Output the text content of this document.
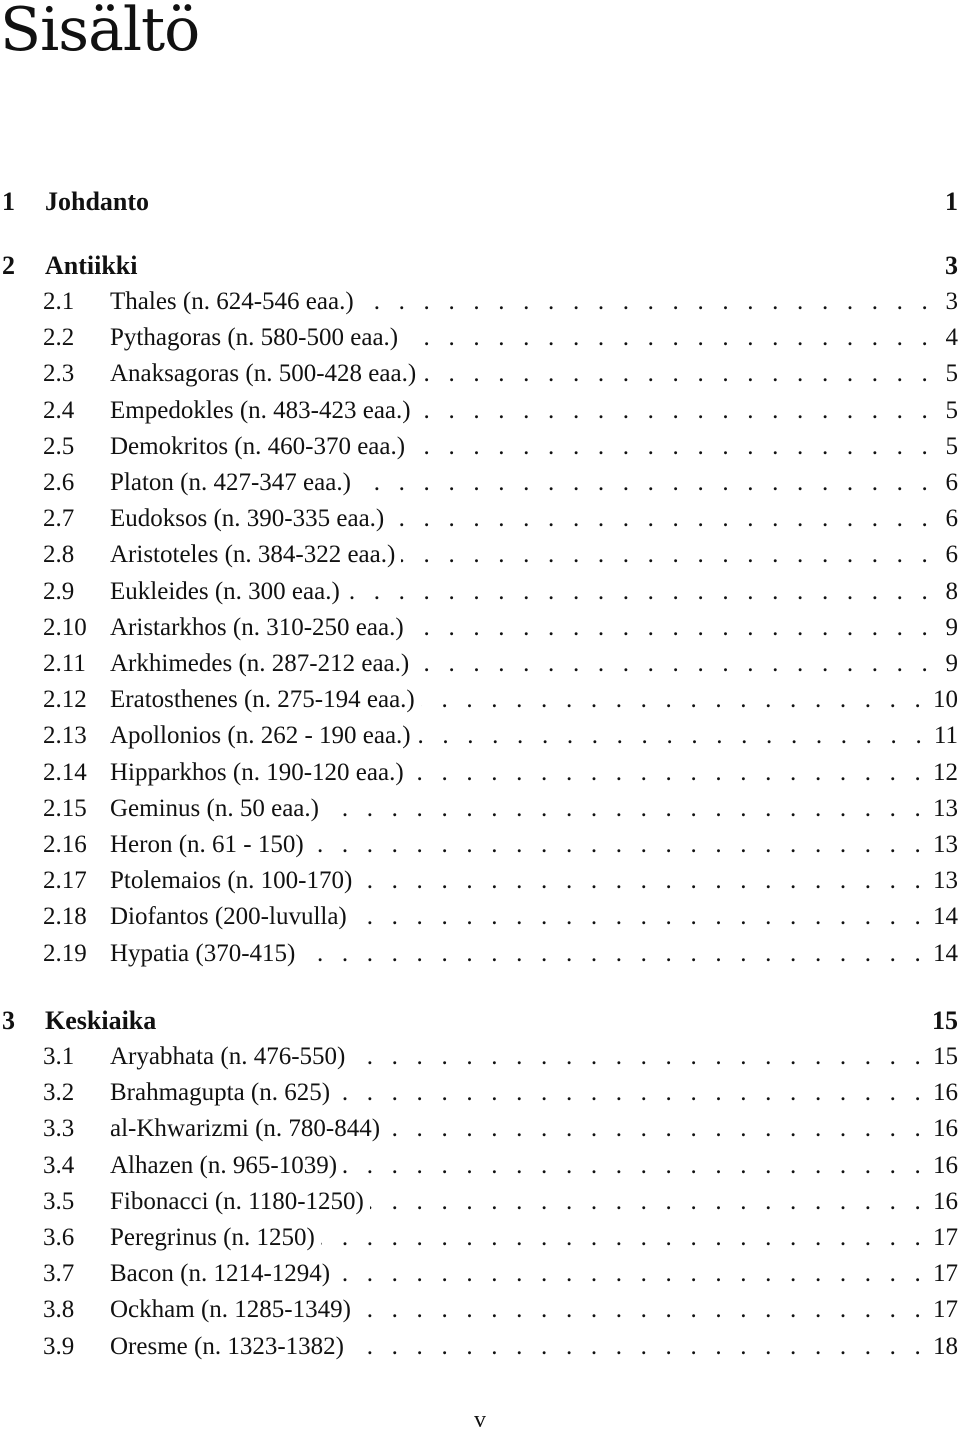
Sisältö
1	Johdanto	1
2	Antiikki	3
2.1	Thales (n. 624-546 eaa.) . . .	3
2.2	Pythagoras (n. 580-500 eaa.) . . .	4
2.3	Anaksagoras (n. 500-428 eaa.) . . .	5
2.4	Empedokles (n. 483-423 eaa.) . . .	5
2.5	Demokritos (n. 460-370 eaa.) . . .	5
2.6	Platon (n. 427-347 eaa.) . . .	6
2.7	Eudoksos (n. 390-335 eaa.) . . .	6
2.8	Aristoteles (n. 384-322 eaa.) . . .	6
2.9	Eukleides (n. 300 eaa.) . . .	8
2.10 Aristarkhos (n. 310-250 eaa.) . . .	9
2.11 Arkhimedes (n. 287-212 eaa.) . . .	9
2.12 Eratosthenes (n. 275-194 eaa.) . . .	10
2.13 Apollonios (n. 262 - 190 eaa.) . . .	11
2.14 Hipparkhos (n. 190-120 eaa.) . . .	12
2.15 Geminus (n. 50 eaa.) . . .	13
2.16 Heron (n. 61 - 150) . . .	13
2.17 Ptolemaios (n. 100-170) . . .	13
2.18 Diofantos (200-luvulla) . . .	14
2.19 Hypatia (370-415) . . .	14
3	Keskiaika	15
3.1	Aryabhata (n. 476-550) . . .	15
3.2	Brahmagupta (n. 625) . . .	16
3.3	al-Khwarizmi (n. 780-844) . . .	16
3.4	Alhazen (n. 965-1039) . . .	16
3.5	Fibonacci (n. 1180-1250) . . .	16
3.6	Peregrinus (n. 1250) . . .	17
3.7	Bacon (n. 1214-1294) . . .	17
3.8	Ockham (n. 1285-1349) . . .	17
3.9	Oresme (n. 1323-1382) . . .	18
v
